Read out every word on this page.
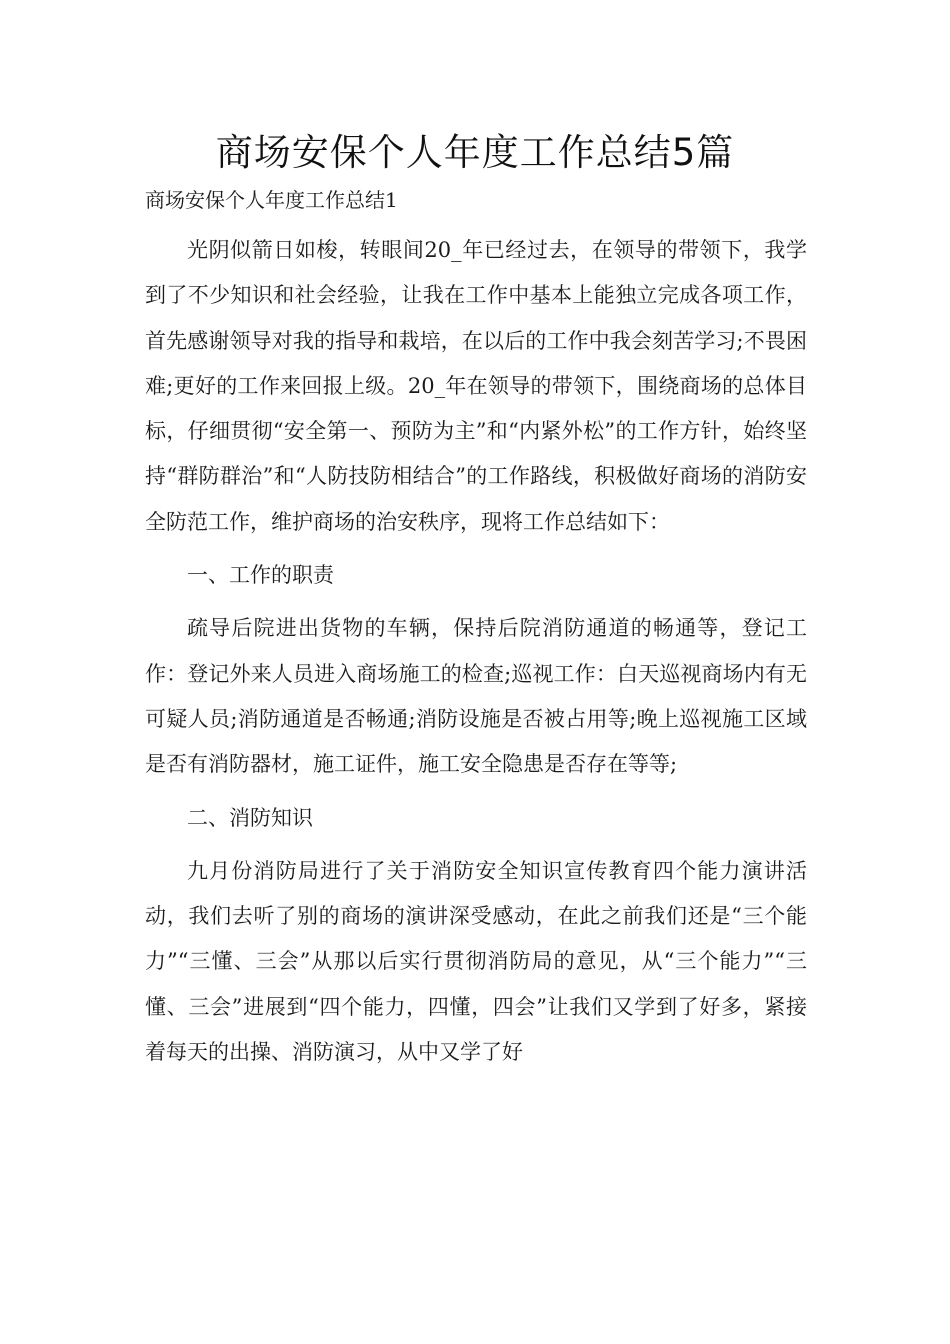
商场安保个人年度工作总结5篇
商场安保个人年度工作总结1

光阴似箭日如梭，转眼间20_年已经过去，在领导的带领下，我学到了不少知识和社会经验，让我在工作中基本上能独立完成各项工作，首先感谢领导对我的指导和栽培，在以后的工作中我会刻苦学习;不畏困难;更好的工作来回报上级。20_年在领导的带领下，围绕商场的总体目标，仔细贯彻“安全第一、预防为主”和“内紧外松”的工作方针，始终坚持“群防群治”和“人防技防相结合”的工作路线，积极做好商场的消防安全防范工作，维护商场的治安秩序，现将工作总结如下：

一、工作的职责

疏导后院进出货物的车辆，保持后院消防通道的畅通等，登记工作：登记外来人员进入商场施工的检查;巡视工作：白天巡视商场内有无可疑人员;消防通道是否畅通;消防设施是否被占用等;晚上巡视施工区域是否有消防器材，施工证件，施工安全隐患是否存在等等;

二、消防知识

九月份消防局进行了关于消防安全知识宣传教育四个能力演讲活动，我们去听了别的商场的演讲深受感动，在此之前我们还是“三个能力”“三懂、三会”从那以后实行贯彻消防局的意见，从“三个能力”“三懂、三会”进展到“四个能力，四懂，四会”让我们又学到了好多，紧接着每天的出操、消防演习，从中又学了好
